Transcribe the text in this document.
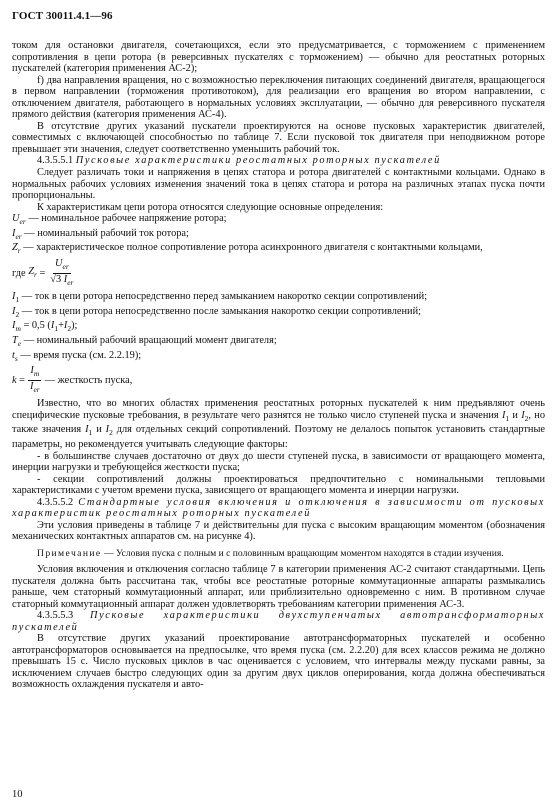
ГОСТ 30011.4.1—96

током для остановки двигателя, сочетающихся, если это предусматривается, с торможением с применением сопротивления в цепи ротора (в реверсивных пускателях с торможением) — обычно для реостатных роторных пускателей (категория применения АС-2);

f) два направления вращения, но с возможностью переключения питающих соединений двигателя, вращающегося в первом направлении (торможения противотоком), для реализации его вращения во втором направлении, с отключением двигателя, работающего в нормальных условиях эксплуатации, — обычно для реверсивного пускателя прямого действия (категория применения АС-4).

В отсутствие других указаний пускатели проектируются на основе пусковых характеристик двигателей, совместимых с включающей способностью по таблице 7. Если пусковой ток двигателя при неподвижном роторе превышает эти значения, следует соответственно уменьшить рабочий ток.

4.3.5.5.1 Пусковые характеристики реостатных роторных пускателей

Следует различать токи и напряжения в цепях статора и ротора двигателей с контактными кольцами. Однако в нормальных рабочих условиях изменения значений тока в цепях статора и ротора на различных этапах пуска почти пропорциональны.

К характеристикам цепи ротора относятся следующие основные определения:

$U_{er}$ — номинальное рабочее напряжение ротора;

$I_{er}$ — номинальный рабочий ток ротора;

$Z_r$ — характеристическое полное сопротивление ротора асинхронного двигателя с контактными кольцами,

где
$Z_r = \frac{U_{er}}{√3 I_{er}}$

$I_1$ — ток в цепи ротора непосредственно перед замыканием накоротко секции сопротивлений;

$I_2$ — ток в цепи ротора непосредственно после замыкания накоротко секции сопротивлений;

$I_m = 0,5$ $(I_1+I_2)$;

$T_e$ — номинальный рабочий вращающий момент двигателя;

$t_s$ — время пуска (см. 2.2.19);

$k = \frac{I_m}{I_{er}}$ — жесткость пуска,

Известно, что во многих областях применения реостатных роторных пускателей к ним предъявляют очень специфические пусковые требования, в результате чего разнятся не только число ступеней пуска и значения $I_1$ и $I_2$, но также значения $I_1$ и $I_2$ для отдельных секций сопротивлений. Поэтому не делалось попыток установить стандартные параметры, но рекомендуется учитывать следующие факторы:

- в большинстве случаев достаточно от двух до шести ступеней пуска, в зависимости от вращающего момента, инерции нагрузки и требующейся жесткости пуска;

- секции сопротивлений должны проектироваться предпочтительно с номинальными тепловыми характеристиками с учетом времени пуска, зависящего от вращающего момента и инерции нагрузки.

4.3.5.5.2 Стандартные условия включения и отключения в зависимости от пусковых характеристик реостатных роторных пускателей

Эти условия приведены в таблице 7 и действительны для пуска с высоким вращающим моментом (обозначения механических контактных аппаратов см. на рисунке 4).

Примечание — Условия пуска с полным и с половинным вращающим моментом находятся в стадии изучения.

Условия включения и отключения согласно таблице 7 в категории применения АС-2 считают стандартными. Цепь пускателя должна быть рассчитана так, чтобы все реостатные роторные коммутационные аппараты размыкались раньше, чем статорный коммутационный аппарат, или приблизительно одновременно с ним. В противном случае статорный коммутационный аппарат должен удовлетворять требованиям категории применения АС-3.

4.3.5.5.3 Пусковые характеристики двухступенчатых автотрансформаторных пускателей

В отсутствие других указаний проектирование автотрансформаторных пускателей и особенно автотрансформаторов основывается на предпосылке, что время пуска (см. 2.2.20) для всех классов режима не должно превышать 15 с. Число пусковых циклов в час оценивается с условием, что интервалы между пусками равны, за исключением случаев быстро следующих один за другим двух циклов оперирования, когда должна обеспечиваться возможность охлаждения пускателя и авто-

10
